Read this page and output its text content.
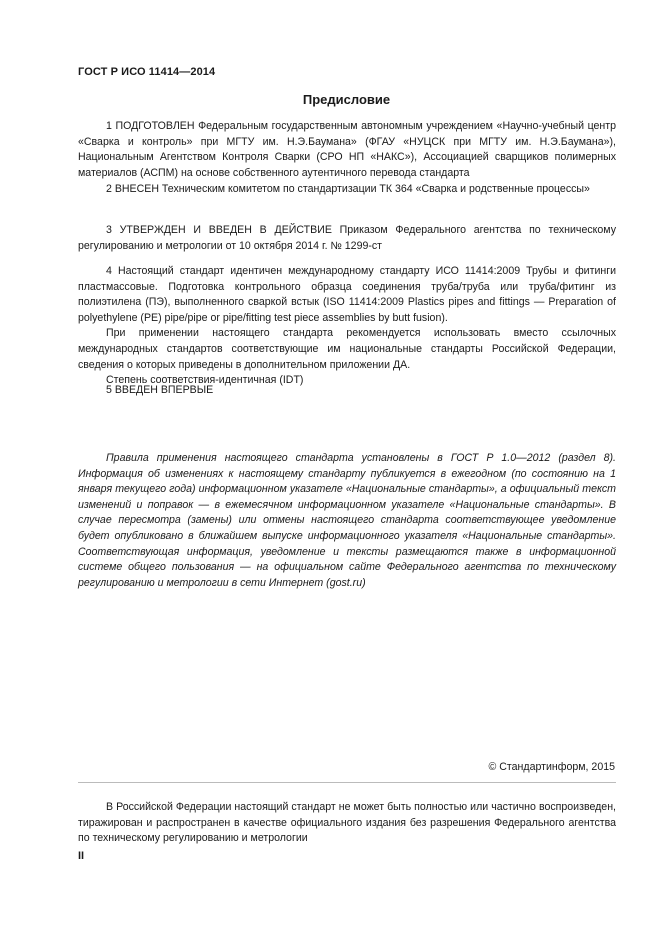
ГОСТ Р ИСО 11414—2014
Предисловие

1 ПОДГОТОВЛЕН Федеральным государственным автономным учреждением «Научно-учебный центр «Сварка и контроль» при МГТУ им. Н.Э.Баумана» (ФГАУ «НУЦСК при МГТУ им. Н.Э.Баумана»), Национальным Агентством Контроля Сварки (СРО НП «НАКС»), Ассоциацией сварщиков полимерных материалов (АСПМ) на основе собственного аутентичного перевода стандарта

2 ВНЕСЕН Техническим комитетом по стандартизации ТК 364 «Сварка и родственные процессы»

3 УТВЕРЖДЕН И ВВЕДЕН В ДЕЙСТВИЕ Приказом Федерального агентства по техническому регулированию и метрологии от 10 октября 2014 г. № 1299-ст

4 Настоящий стандарт идентичен международному стандарту ИСО 11414:2009 Трубы и фитинги пластмассовые. Подготовка контрольного образца соединения труба/труба или труба/фитинг из полиэтилена (ПЭ), выполненного сваркой встык (ISO 11414:2009 Plastics pipes and fittings — Preparation of polyethylene (PE) pipe/pipe or pipe/fitting test piece assemblies by butt fusion).

При применении настоящего стандарта рекомендуется использовать вместо ссылочных международных стандартов соответствующие им национальные стандарты Российской Федерации, сведения о которых приведены в дополнительном приложении ДА.

Степень соответствия-идентичная (IDT)

5 ВВЕДЕН ВПЕРВЫЕ

Правила применения настоящего стандарта установлены в ГОСТ Р 1.0—2012 (раздел 8). Информация об изменениях к настоящему стандарту публикуется в ежегодном (по состоянию на 1 января текущего года) информационном указателе «Национальные стандарты», а официальный текст изменений и поправок — в ежемесячном информационном указателе «Национальные стандарты». В случае пересмотра (замены) или отмены настоящего стандарта соответствующее уведомление будет опубликовано в ближайшем выпуске информационного указателя «Национальные стандарты». Соответствующая информация, уведомление и тексты размещаются также в информационной системе общего пользования — на официальном сайте Федерального агентства по техническому регулированию и метрологии в сети Интернет (gost.ru)

© Стандартинформ, 2015

В Российской Федерации настоящий стандарт не может быть полностью или частично воспроизведен, тиражирован и распространен в качестве официального издания без разрешения Федерального агентства по техническому регулированию и метрологии

II
